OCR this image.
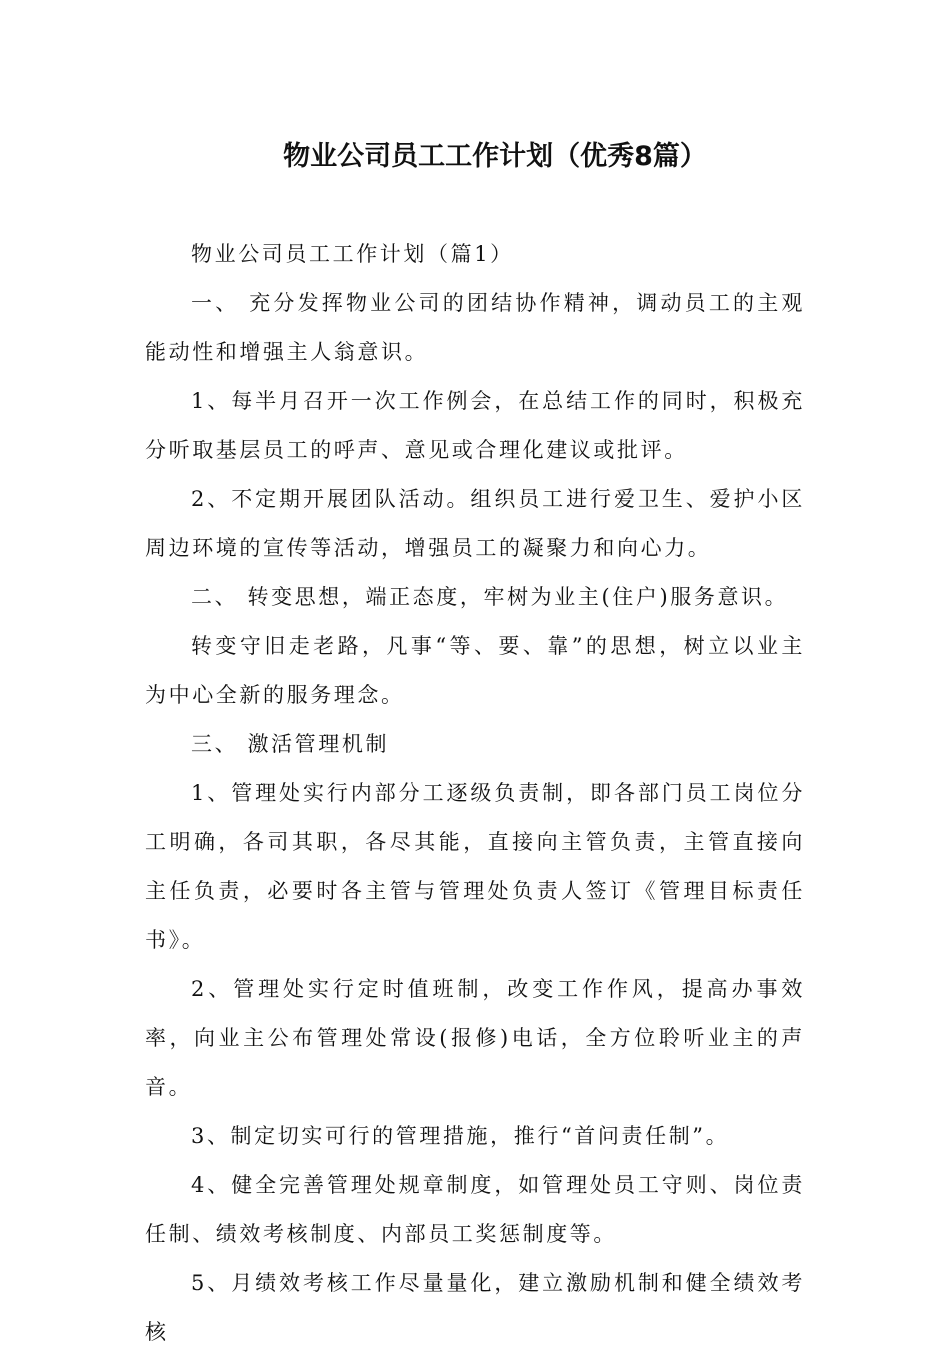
物业公司员工工作计划（优秀8篇）

物业公司员工工作计划（篇1）

一、 充分发挥物业公司的团结协作精神，调动员工的主观能动性和增强主人翁意识。

1、每半月召开一次工作例会，在总结工作的同时，积极充分听取基层员工的呼声、意见或合理化建议或批评。

2、不定期开展团队活动。组织员工进行爱卫生、爱护小区周边环境的宣传等活动，增强员工的凝聚力和向心力。

二、 转变思想，端正态度，牢树为业主(住户)服务意识。

转变守旧走老路，凡事“等、要、靠”的思想，树立以业主为中心全新的服务理念。

三、 激活管理机制

1、管理处实行内部分工逐级负责制，即各部门员工岗位分工明确，各司其职，各尽其能，直接向主管负责，主管直接向主任负责，必要时各主管与管理处负责人签订《管理目标责任书》。

2、管理处实行定时值班制，改变工作作风，提高办事效率，向业主公布管理处常设(报修)电话，全方位聆听业主的声音。

3、制定切实可行的管理措施，推行“首问责任制”。

4、健全完善管理处规章制度，如管理处员工守则、岗位责任制、绩效考核制度、内部员工奖惩制度等。

5、月绩效考核工作尽量量化，建立激励机制和健全绩效考核
